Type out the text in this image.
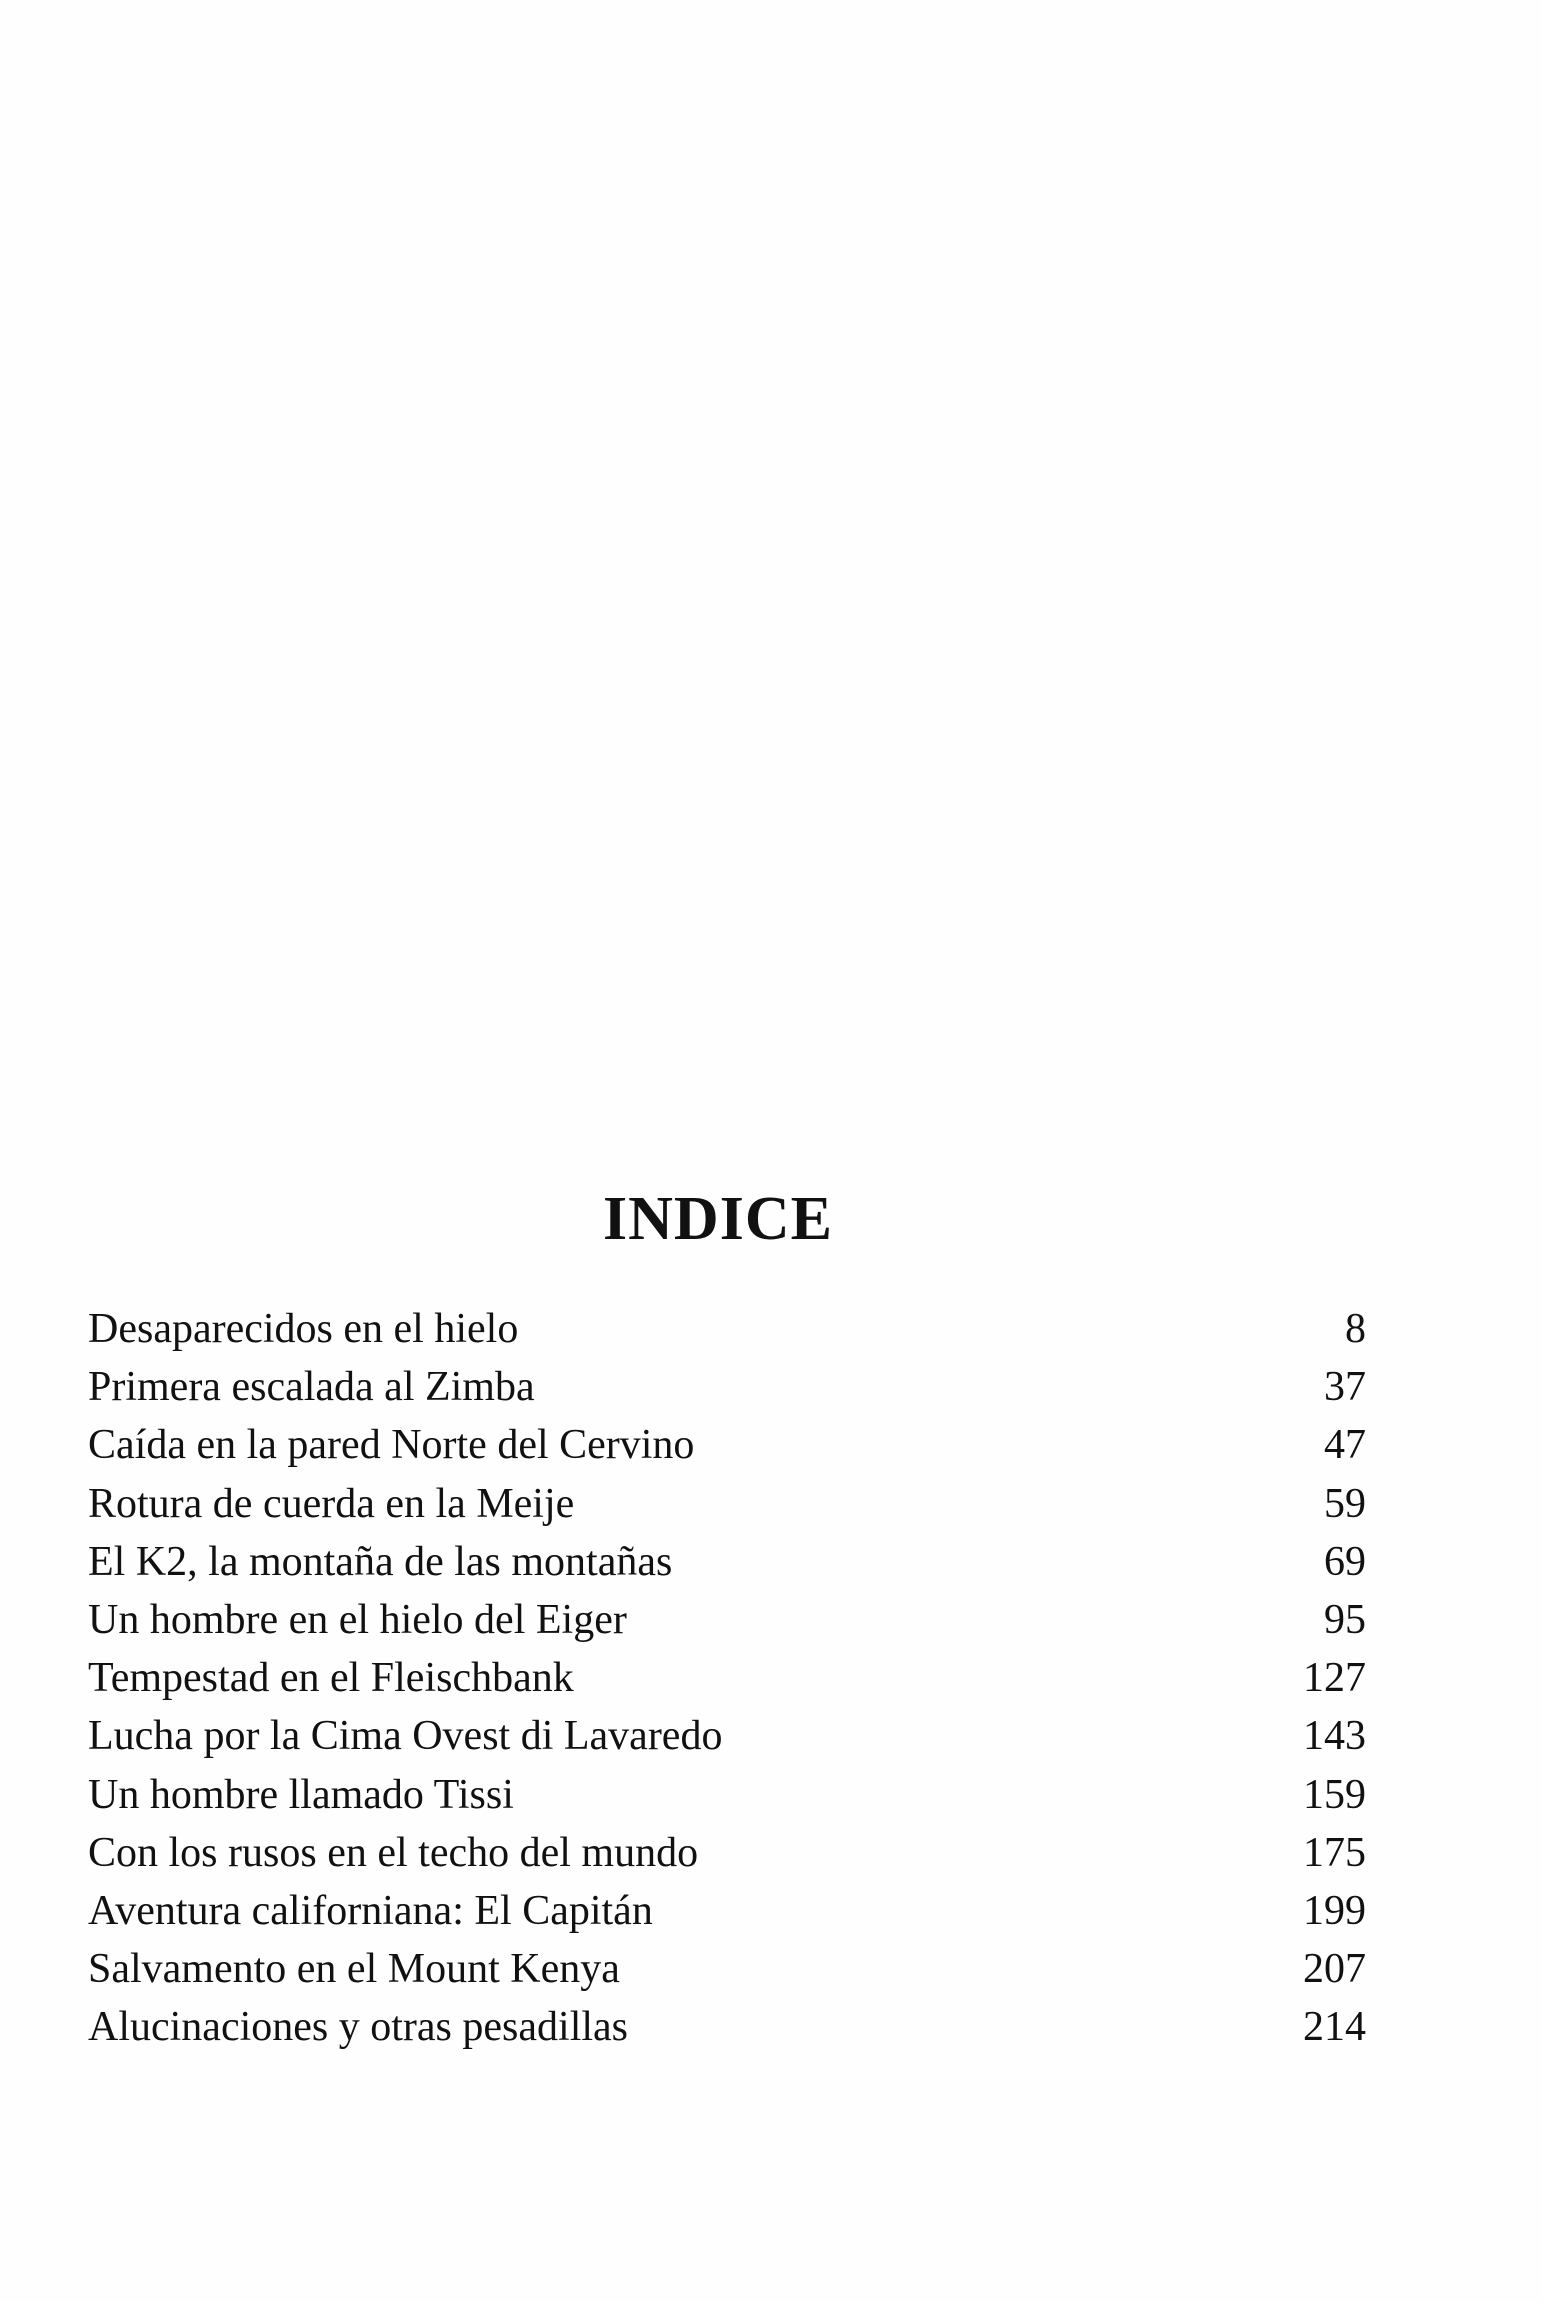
INDICE
Desaparecidos en el hielo	8
Primera escalada al Zimba	37
Caída en la pared Norte del Cervino	47
Rotura de cuerda en la Meije	59
El K2, la montaña de las montañas	69
Un hombre en el hielo del Eiger	95
Tempestad en el Fleischbank	127
Lucha por la Cima Ovest di Lavaredo	143
Un hombre llamado Tissi	159
Con los rusos en el techo del mundo	175
Aventura californiana: El Capitán	199
Salvamento en el Mount Kenya	207
Alucinaciones y otras pesadillas	214
